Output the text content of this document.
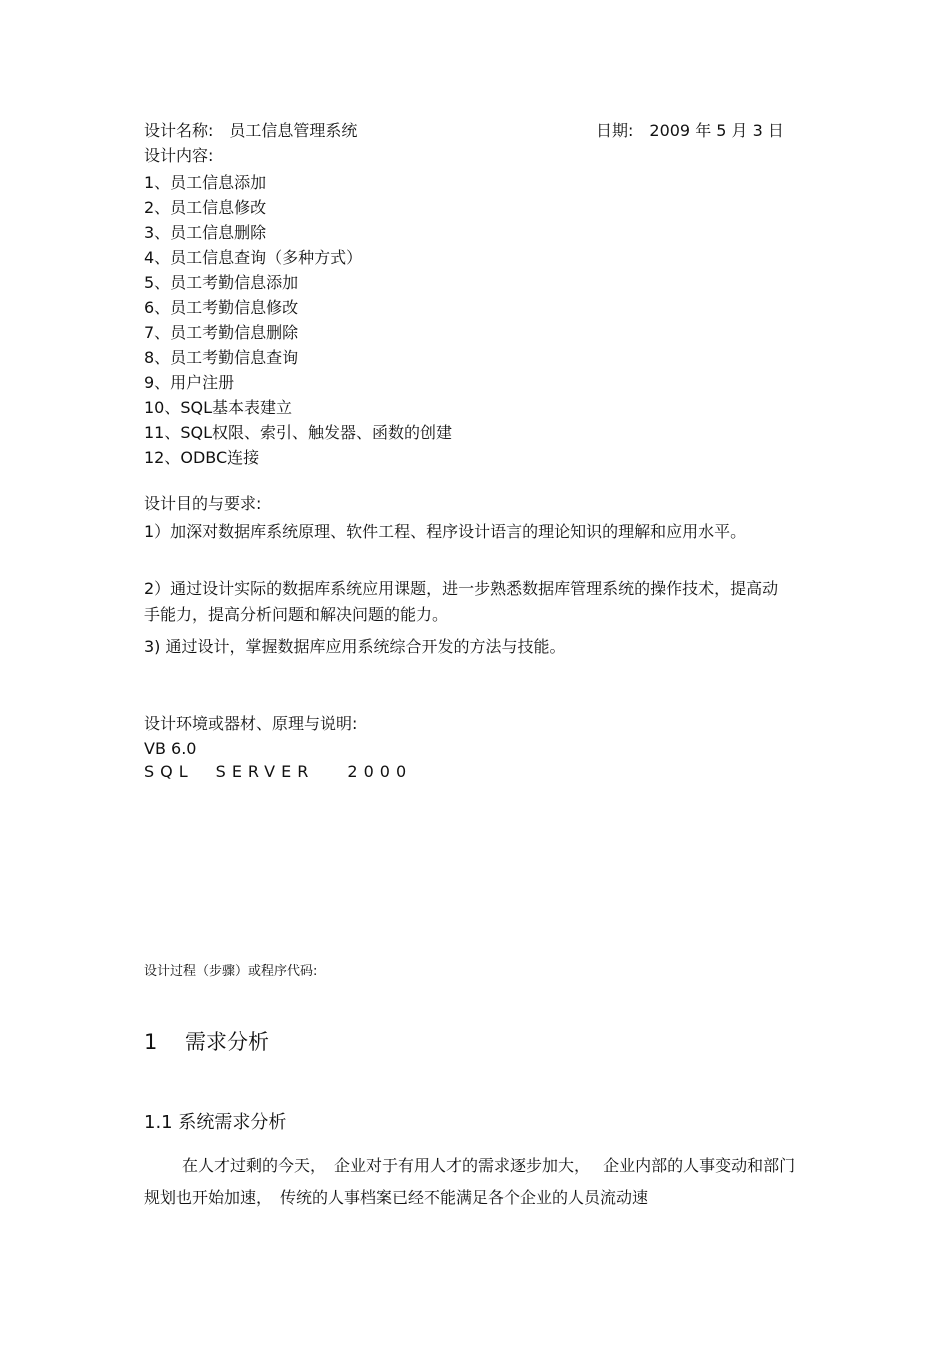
设计名称:　员工信息管理系统	日期:　2009 年 5 月 3 日
设计内容:
1、员工信息添加
2、员工信息修改
3、员工信息删除
4、员工信息查询（多种方式）
5、员工考勤信息添加
6、员工考勤信息修改
7、员工考勤信息删除
8、员工考勤信息查询
9、用户注册
10、SQL基本表建立
11、SQL权限、索引、触发器、函数的创建
12、ODBC连接
设计目的与要求:
1）加深对数据库系统原理、软件工程、程序设计语言的理论知识的理解和应用水平。
2）通过设计实际的数据库系统应用课题，进一步熟悉数据库管理系统的操作技术，提高动手能力，提高分析问题和解决问题的能力。
3) 通过设计，掌握数据库应用系统综合开发的方法与技能。
设计环境或器材、原理与说明:
VB 6.0
SQL　SERVER　 2000
设计过程（步骤）或程序代码:
1　 需求分析
1.1 系统需求分析
在人才过剩的今天，　企业对于有用人才的需求逐步加大，　 企业内部的人事变动和部门规划也开始加速，　传统的人事档案已经不能满足各个企业的人员流动速
